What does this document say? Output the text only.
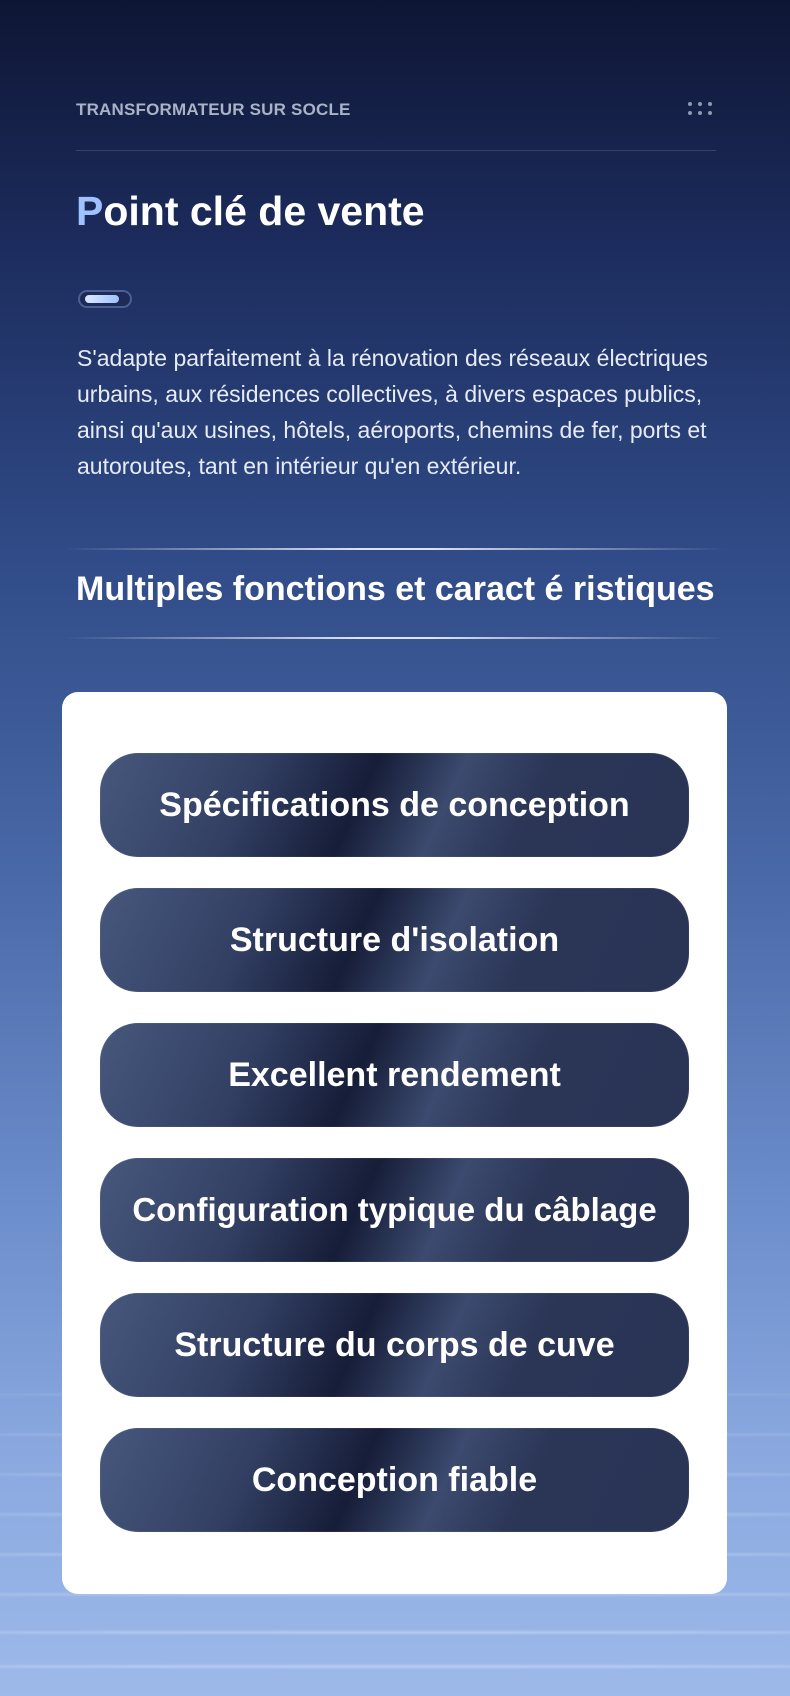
TRANSFORMATEUR SUR SOCLE
Point clé de vente

S'adapte parfaitement à la rénovation des réseaux électriques urbains, aux résidences collectives, à divers espaces publics, ainsi qu'aux usines, hôtels, aéroports, chemins de fer, ports et autoroutes, tant en intérieur qu'en extérieur.

Multiples fonctions et caract é ristiques
Spécifications de conception
Structure d'isolation
Excellent rendement
Configuration typique du câblage
Structure du corps de cuve
Conception fiable
